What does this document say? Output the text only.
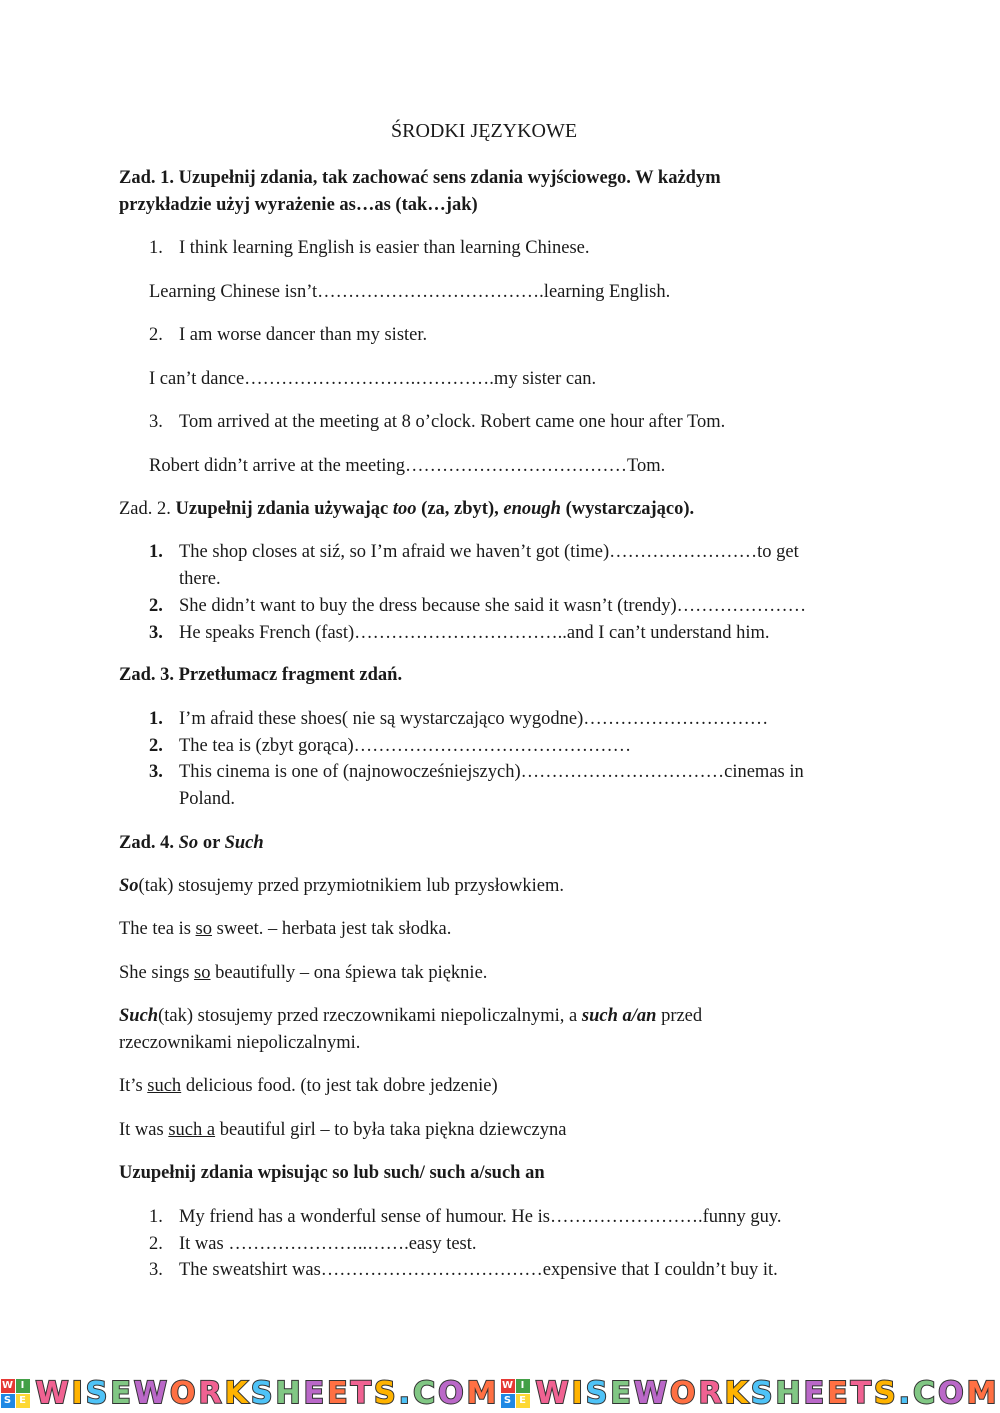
ŚRODKI JĘZYKOWE
Zad. 1. Uzupełnij zdania, tak zachować sens zdania wyjściowego. W każdym
przykładzie użyj wyrażenie as…as (tak…jak)
1. I think learning English is easier than learning Chinese.
Learning Chinese isn’t……………………………….learning English.
2. I am worse dancer than my sister.
I can’t dance……………………….………….my sister can.
3. Tom arrived at the meeting at 8 o’clock. Robert came one hour after Tom.
Robert didn’t arrive at the meeting………………………………Tom.
Zad. 2. Uzupełnij zdania używając too (za, zbyt), enough (wystarczająco).
1. The shop closes at siź, so I’m afraid we haven’t got (time)……………………to get
there.
2. She didn’t want to buy the dress because she said it wasn’t (trendy)…………………
3. He speaks French (fast)……………………………..and I can’t understand him.
Zad. 3. Przetłumacz fragment zdań.
1. I’m afraid these shoes( nie są wystarczająco wygodne)…………………………
2. The tea is (zbyt gorąca)………………………………………
3. This cinema is one of (najnowocześniejszych)……………………………cinemas in
Poland.
Zad. 4. So or Such
So(tak) stosujemy przed przymiotnikiem lub przysłowkiem.
The tea is so sweet. – herbata jest tak słodka.
She sings so beautifully – ona śpiewa tak pięknie.
Such(tak) stosujemy przed rzeczownikami niepoliczalnymi, a such a/an przed
rzeczownikami niepoliczalnymi.
It’s such delicious food. (to jest tak dobre jedzenie)
It was such a beautiful girl – to była taka piękna dziewczyna
Uzupełnij zdania wpisując so lub such/ such a/such an
1. My friend has a wonderful sense of humour. He is…………………….funny guy.
2. It was …………………..…….easy test.
3. The sweatshirt was………………………………expensive that I couldn’t buy it.
W I
S E WISEWORKSHEETS.COM W I
S E WISEWORKSHEETS.COM
